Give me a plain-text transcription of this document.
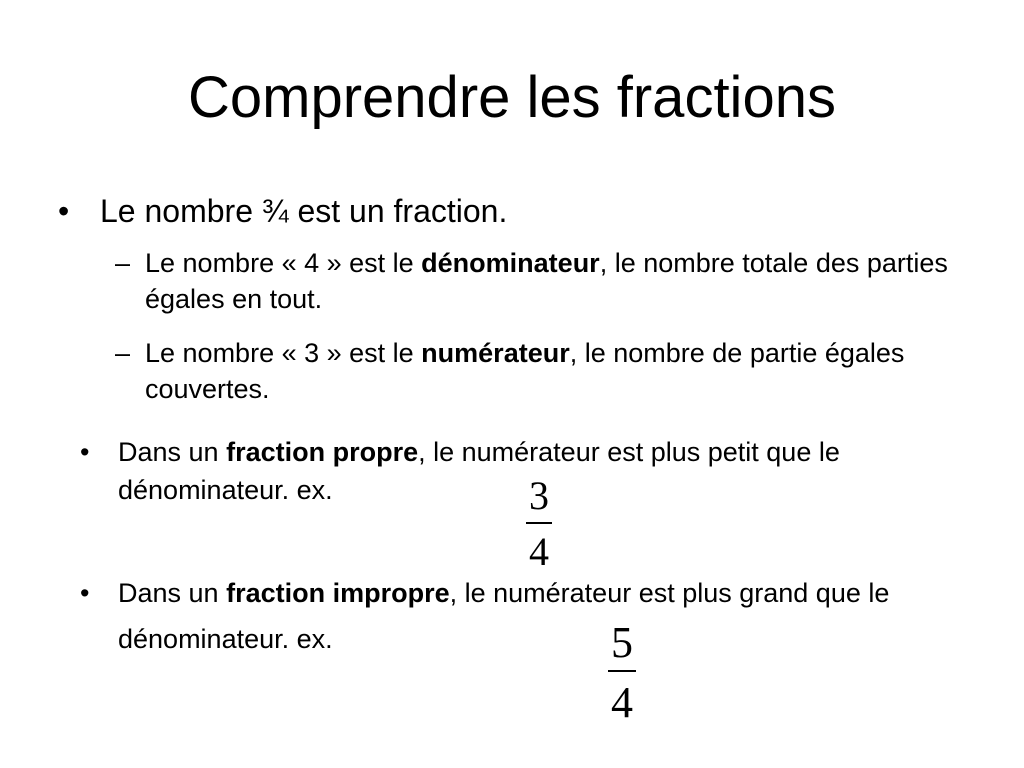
Comprendre les fractions
• Le nombre ¾ est un fraction.
– Le nombre « 4 » est le dénominateur, le nombre totale des parties égales en tout.
– Le nombre « 3 » est le numérateur, le nombre de partie égales couvertes.
• Dans un fraction propre, le numérateur est plus petit que le dénominateur. ex.	3
4
• Dans un fraction impropre, le numérateur est plus grand que le dénominateur. ex.	5
4
